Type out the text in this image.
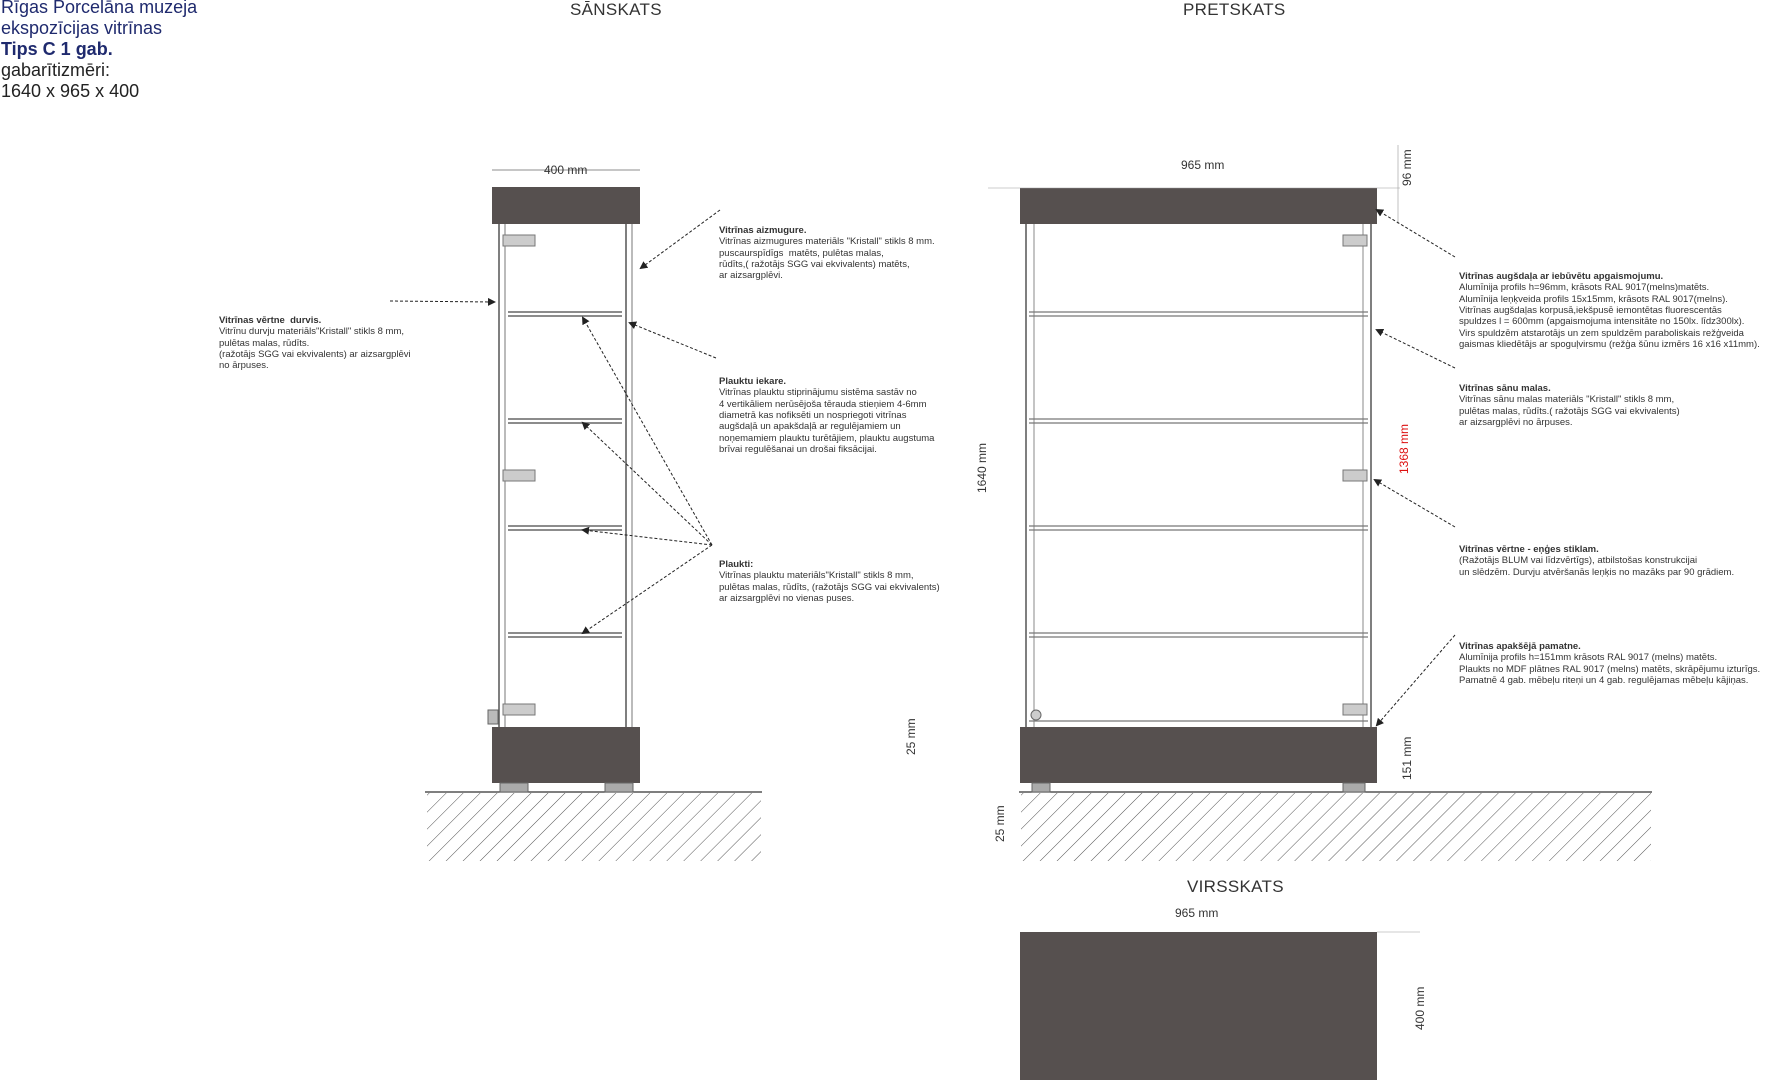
Rīgas Porcelāna muzeja
ekspozīcijas vitrīnas
Tips C 1 gab.
gabarītizmēri:
1640 x 965 x 400
SĀNSKATS	PRETSKATS
VIRSSKATS
400 mm
25 mm
965 mm	96 mm
1640 mm	1368 mm
151 mm
25 mm
965 mm
400 mm

Vitrīnas aizmugure.
Vitrīnas aizmugures materiāls "Kristall" stikls 8 mm.
puscaurspīdīgs  matēts, pulētas malas,
rūdīts,( ražotājs SGG vai ekvivalents) matēts,
ar aizsargplēvi.

Vitrīnas vērtne  durvis.
Vitrīnu durvju materiāls"Kristall" stikls 8 mm,
pulētas malas, rūdīts.
(ražotājs SGG vai ekvivalents) ar aizsargplēvi
no ārpuses.

Plauktu iekare.
Vitrīnas plauktu stiprinājumu sistēma sastāv no
4 vertikāliem nerūsējoša tērauda stieņiem 4-6mm
diametrā kas nofiksēti un nospriegoti vitrīnas
augšdaļā un apakšdaļā ar regulējamiem un
noņemamiem plauktu turētājiem, plauktu augstuma
brīvai regulēšanai un drošai fiksācijai.

Plaukti:
Vitrīnas plauktu materiāls"Kristall" stikls 8 mm,
pulētas malas, rūdīts, (ražotājs SGG vai ekvivalents)
ar aizsargplēvi no vienas puses.

Vitrīnas augšdaļa ar iebūvētu apgaismojumu.
Alumīnija profils h=96mm, krāsots RAL 9017(melns)matēts.
Alumīnija leņķveida profils 15x15mm, krāsots RAL 9017(melns).
Vitrīnas augšdaļas korpusā,iekšpusē iemontētas fluorescentās
spuldzes l = 600mm (apgaismojuma intensitāte no 150lx. līdz300lx).
Virs spuldzēm atstarotājs un zem spuldzēm paraboliskais režģveida
gaismas kliedētājs ar spoguļvirsmu (režģa šūnu izmērs 16 x16 x11mm).

Vitrīnas sānu malas.
Vitrīnas sānu malas materiāls "Kristall" stikls 8 mm,
pulētas malas, rūdīts.( ražotājs SGG vai ekvivalents)
ar aizsargplēvi no ārpuses.

Vitrīnas vērtne - eņģes stiklam.
(Ražotājs BLUM vai līdzvērtīgs), atbilstošas konstrukcijai
un slēdzēm. Durvju atvēršanās leņķis no mazāks par 90 grādiem.

Vitrīnas apakšējā pamatne.
Alumīnija profils h=151mm krāsots RAL 9017 (melns) matēts.
Plaukts no MDF plātnes RAL 9017 (melns) matēts, skrāpējumu izturīgs.
Pamatnē 4 gab. mēbeļu riteņi un 4 gab. regulējamas mēbeļu kājiņas.
